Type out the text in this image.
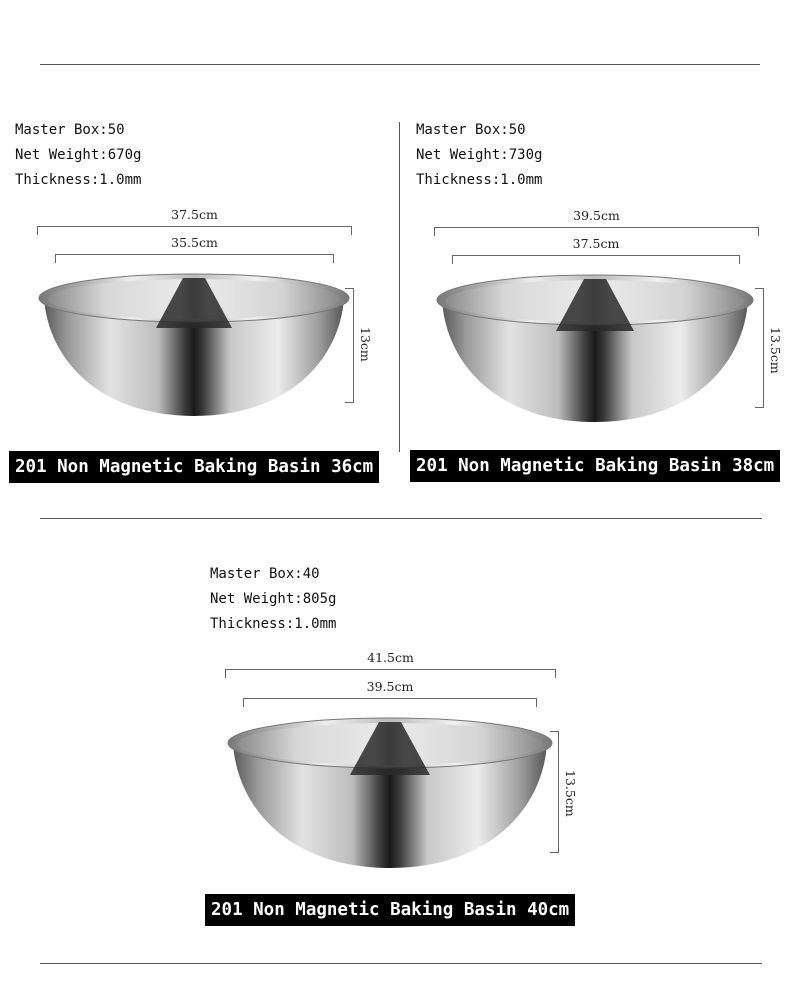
Master Box:50
Net Weight:670g
Thickness:1.0mm
37.5cm
35.5cm
13cm
201 Non Magnetic Baking Basin 36cm
Master Box:50
Net Weight:730g
Thickness:1.0mm
39.5cm
37.5cm
13.5cm
201 Non Magnetic Baking Basin 38cm
Master Box:40
Net Weight:805g
Thickness:1.0mm
41.5cm
39.5cm
13.5cm
201 Non Magnetic Baking Basin 40cm
